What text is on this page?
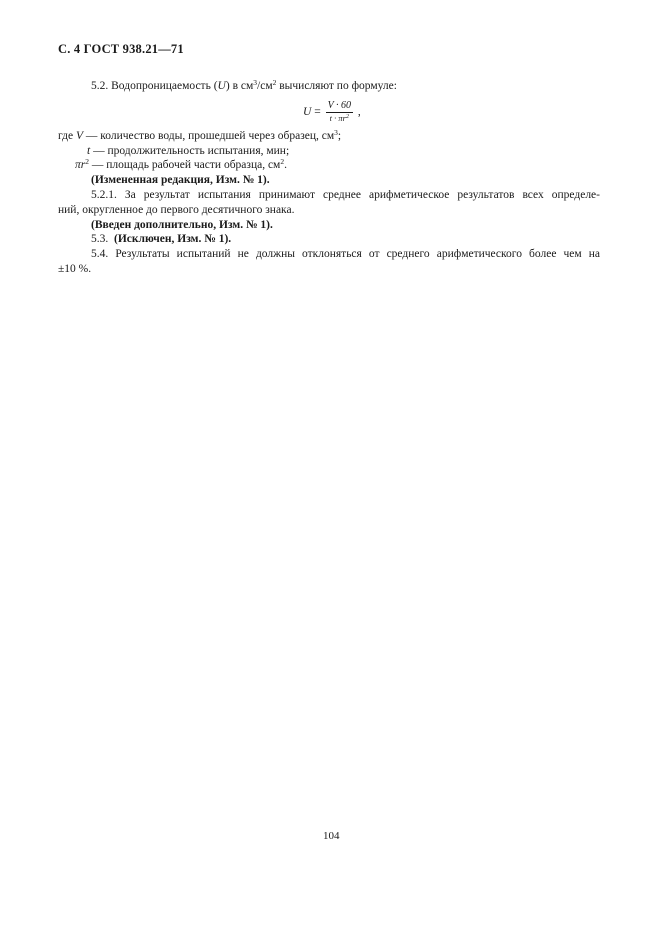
С. 4 ГОСТ 938.21—71
5.2. Водопроницаемость (U) в $см^3/см^2$ вычисляют по формуле:
$U = \frac{V \cdot 60}{t \cdot \pi r^2}$ ,
где V — количество воды, прошедшей через образец, $см^3$;
t — продолжительность испытания, мин;
$\pi r^2$ — площадь рабочей части образца, $см^2$.
(Измененная редакция, Изм. № 1).
5.2.1. За результат испытания принимают среднее арифметическое результатов всех определе-
ний, округленное до первого десятичного знака.
(Введен дополнительно, Изм. № 1).
5.3.  (Исключен, Изм. № 1).
5.4. Результаты испытаний не должны отклоняться от среднего арифметического более чем на
±10 %.
104
